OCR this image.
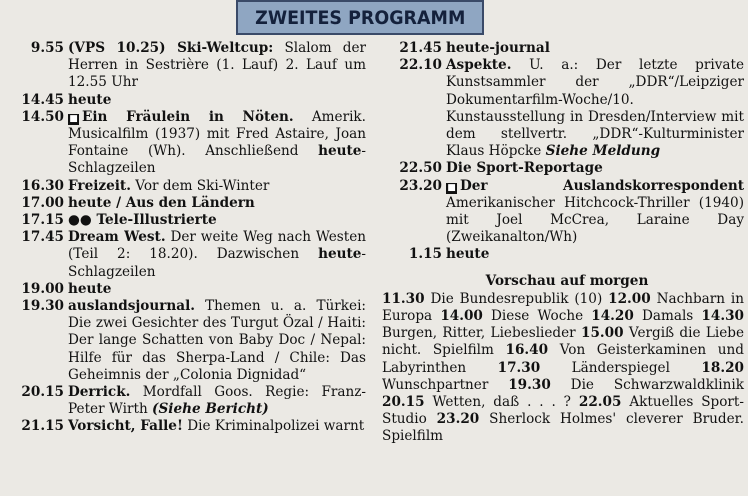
ZWEITES PROGRAMM
9.55 (VPS 10.25) Ski-Weltcup: Slalom der Herren in Sestrière (1. Lauf) 2. Lauf um 12.55 Uhr
14.45 heute
14.50 ■ Ein Fräulein in Nöten. Amerik. Musicalfilm (1937) mit Fred Astaire, Joan Fontaine (Wh). Anschließend heute-Schlagzeilen
16.30 Freizeit. Vor dem Ski-Winter
17.00 heute / Aus den Ländern
17.15 ●● Tele-Illustrierte
17.45 Dream West. Der weite Weg nach Westen (Teil 2: 18.20). Dazwischen heute-Schlagzeilen
19.00 heute
19.30 auslandsjournal. Themen u. a. Türkei: Die zwei Gesichter des Turgut Özal / Haiti: Der lange Schatten von Baby Doc / Nepal: Hilfe für das Sherpa-Land / Chile: Das Geheimnis der „Colonia Dignidad“
20.15 Derrick. Mordfall Goos. Regie: Franz-Peter Wirth (Siehe Bericht)
21.15 Vorsicht, Falle! Die Kriminalpolizei warnt
21.45 heute-journal
22.10 Aspekte. U. a.: Der letzte private Kunstsammler der „DDR“/Leipziger Dokumentarfilm-Woche/10. Kunstausstellung in Dresden/Interview mit dem stellvertr. „DDR“-Kulturminister Klaus Höpcke Siehe Meldung
22.50 Die Sport-Reportage
23.20 ■ Der Auslandskorrespondent Amerikanischer Hitchcock-Thriller (1940) mit Joel McCrea, Laraine Day (Zweikanalton/Wh)
1.15 heute
Vorschau auf morgen
11.30 Die Bundesrepublik (10) 12.00 Nachbarn in Europa 14.00 Diese Woche 14.20 Damals 14.30 Burgen, Ritter, Liebeslieder 15.00 Vergiß die Liebe nicht. Spielfilm 16.40 Von Geisterkaminen und Labyrinthen 17.30 Länderspiegel 18.20 Wunschpartner 19.30 Die Schwarzwaldklinik 20.15 Wetten, daß . . . ? 22.05 Aktuelles Sport-Studio 23.20 Sherlock Holmes' cleverer Bruder. Spielfilm
